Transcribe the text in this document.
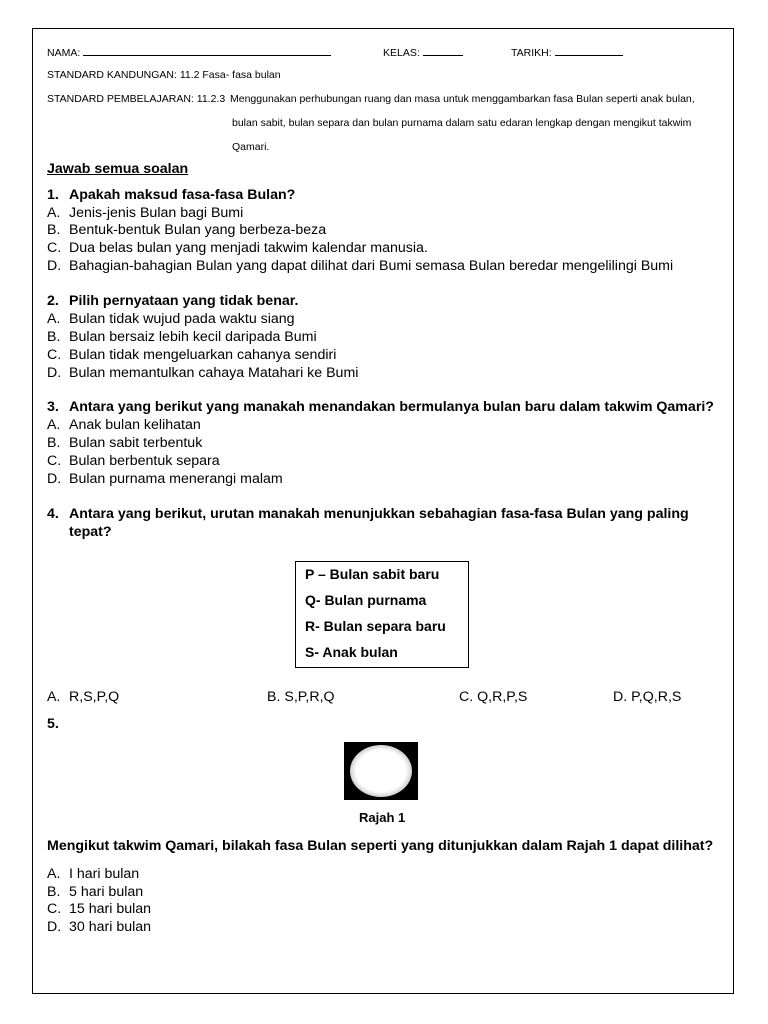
NAMA:	KELAS:	TARIKH:
STANDARD KANDUNGAN: 11.2 Fasa- fasa bulan
STANDARD PEMBELAJARAN: 11.2.3 Menggunakan perhubungan ruang dan masa untuk menggambarkan fasa Bulan seperti anak bulan,
bulan sabit, bulan separa dan bulan purnama dalam satu edaran lengkap dengan mengikut takwim
Qamari.
Jawab semua soalan
1. Apakah maksud fasa-fasa Bulan?
A. Jenis-jenis Bulan bagi Bumi
B. Bentuk-bentuk Bulan yang berbeza-beza
C. Dua belas bulan yang menjadi takwim kalendar manusia.
D. Bahagian-bahagian Bulan yang dapat dilihat dari Bumi semasa Bulan beredar mengelilingi Bumi
2. Pilih pernyataan yang tidak benar.
A. Bulan tidak wujud pada waktu siang
B. Bulan bersaiz lebih kecil daripada Bumi
C. Bulan tidak mengeluarkan cahanya sendiri
D. Bulan memantulkan cahaya Matahari ke Bumi
3. Antara yang berikut yang manakah menandakan bermulanya bulan baru dalam takwim Qamari?
A. Anak bulan kelihatan
B. Bulan sabit terbentuk
C. Bulan berbentuk separa
D. Bulan purnama menerangi malam
4. Antara yang berikut, urutan manakah menunjukkan sebahagian fasa-fasa Bulan yang paling
tepat?
P – Bulan sabit baru
Q- Bulan purnama
R- Bulan separa baru
S- Anak bulan
A. R,S,P,Q	B. S,P,R,Q	C. Q,R,P,S	D. P,Q,R,S
5.
Rajah 1
Mengikut takwim Qamari, bilakah fasa Bulan seperti yang ditunjukkan dalam Rajah 1 dapat dilihat?
A. I hari bulan
B. 5 hari bulan
C. 15 hari bulan
D. 30 hari bulan
